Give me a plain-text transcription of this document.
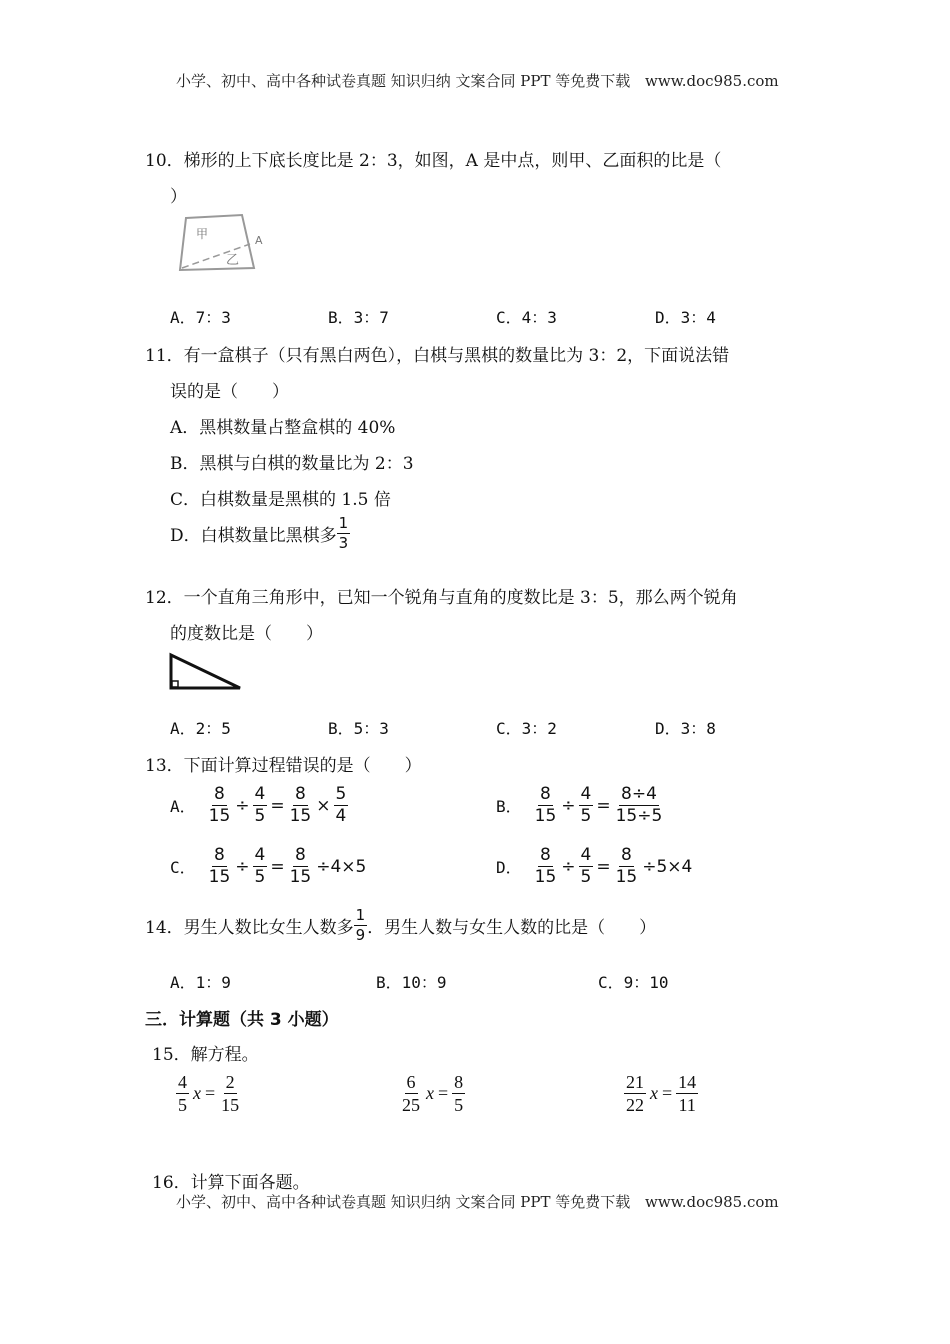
小学、初中、高中各种试卷真题 知识归纳 文案合同 PPT 等免费下载 www.doc985.com
10．梯形的上下底长度比是 2：3，如图，A 是中点，则甲、乙面积的比是（
）
甲
乙
A
A．7：3	B．3：7	C．4：3	D．3：4
11．有一盒棋子（只有黑白两色），白棋与黑棋的数量比为 3：2，下面说法错
误的是（　　）
A．黑棋数量占整盒棋的 40%
B．黑棋与白棋的数量比为 2：3
C．白棋数量是黑棋的 1.5 倍
D．白棋数量比黑棋多 $\frac{1}{3}$
12．一个直角三角形中，已知一个锐角与直角的度数比是 3：5，那么两个锐角
的度数比是（　　）
A．2：5	B．5：3	C．3：2	D．3：8
13．下面计算过程错误的是（　　）
A． $\frac{8}{15} \div \frac{4}{5} = \frac{8}{15} \times \frac{5}{4}$	B． $\frac{8}{15} \div \frac{4}{5} = \frac{8\div 4}{15\div 5}$
C． $\frac{8}{15} \div \frac{4}{5} = \frac{8}{15} \div 4\times 5$	D． $\frac{8}{15} \div \frac{4}{5} = \frac{8}{15} \div 5\times 4$
14．男生人数比女生人数多 $\frac{1}{9}$ ．男生人数与女生人数的比是（　　）
A．1：9	B．10：9	C．9：10
三．计算题（共 3 小题）
15．解方程。
$\frac{4}{5}$ $x = \frac{2}{15}$	$\frac{6}{25}$ $x = \frac{8}{5}$	$\frac{21}{22}$ $x = \frac{14}{11}$
16．计算下面各题。
小学、初中、高中各种试卷真题 知识归纳 文案合同 PPT 等免费下载 www.doc985.com
